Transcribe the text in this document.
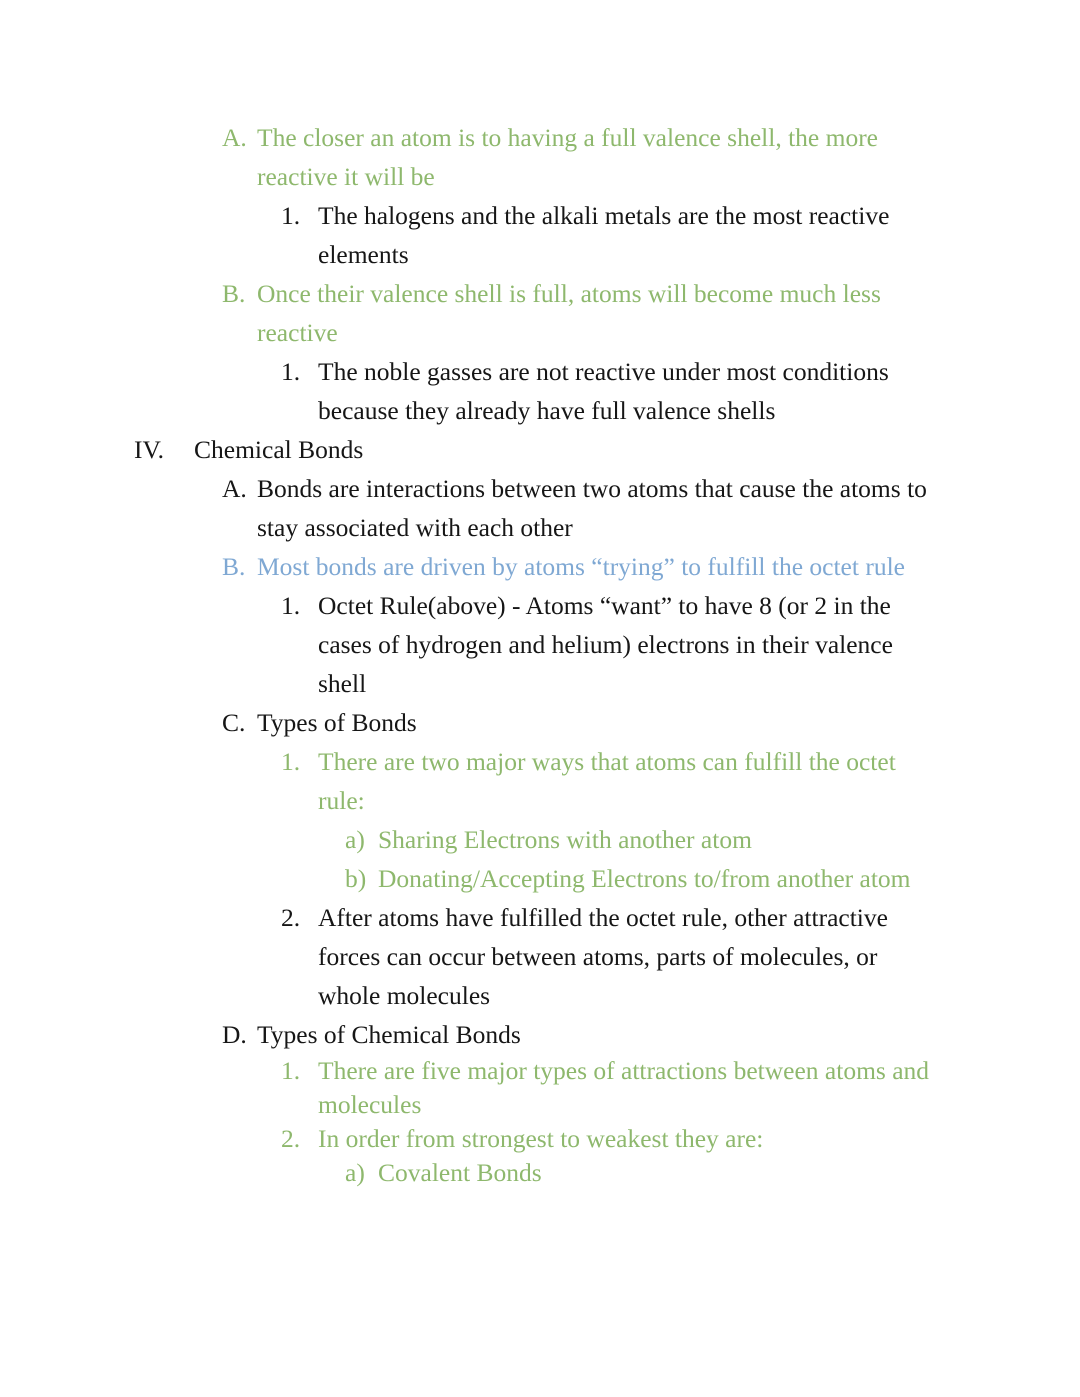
A. The closer an atom is to having a full valence shell, the more reactive it will be
1. The halogens and the alkali metals are the most reactive elements
B. Once their valence shell is full, atoms will become much less reactive
1. The noble gasses are not reactive under most conditions because they already have full valence shells
IV.	Chemical Bonds
A. Bonds are interactions between two atoms that cause the atoms to stay associated with each other
B. Most bonds are driven by atoms “trying” to fulfill the octet rule
1. Octet Rule(above) - Atoms “want” to have 8 (or 2 in the cases of hydrogen and helium) electrons in their valence shell
C. Types of Bonds
1. There are two major ways that atoms can fulfill the octet rule:
a) Sharing Electrons with another atom
b) Donating/Accepting Electrons to/from another atom
2. After atoms have fulfilled the octet rule, other attractive forces can occur between atoms, parts of molecules, or whole molecules
D. Types of Chemical Bonds
1. There are five major types of attractions between atoms and molecules
2. In order from strongest to weakest they are:
a) Covalent Bonds
